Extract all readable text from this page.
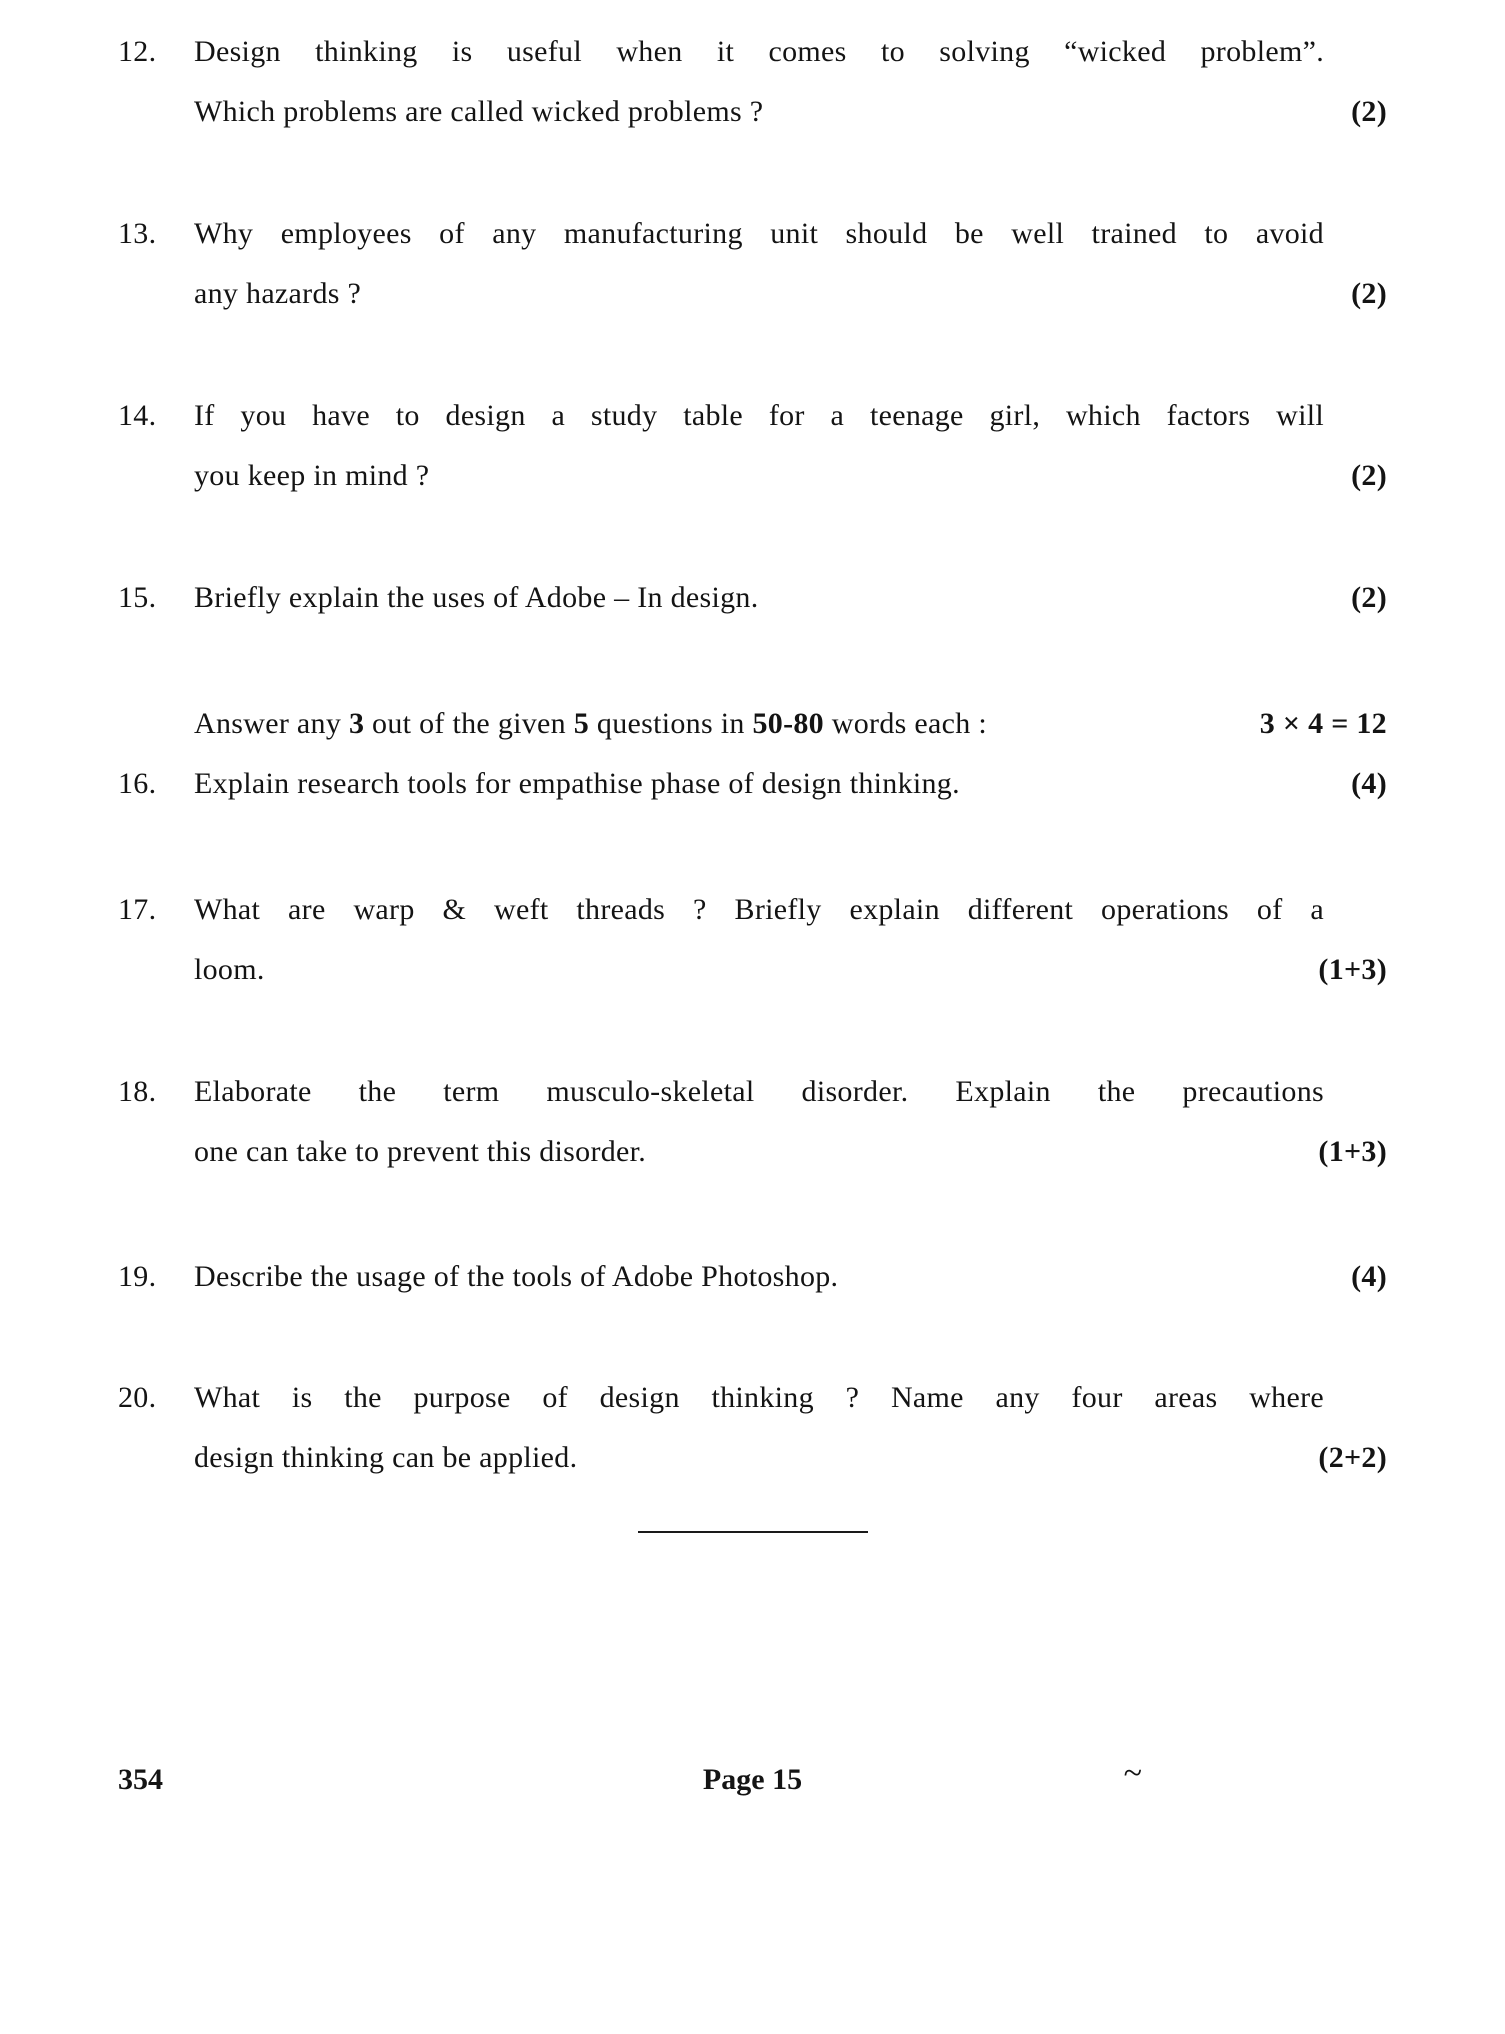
12.	Design thinking is useful when it comes to solving “wicked problem”.
Which problems are called wicked problems ?	(2)
13.	Why employees of any manufacturing unit should be well trained to avoid
any hazards ?	(2)
14.	If you have to design a study table for a teenage girl, which factors will
you keep in mind ?	(2)
15.	Briefly explain the uses of Adobe – In design.	(2)
Answer any 3 out of the given 5 questions in 50-80 words each :	3 × 4 = 12
16.	Explain research tools for empathise phase of design thinking.	(4)
17.	What are warp & weft threads ? Briefly explain different operations of a
loom.	(1+3)
18.	Elaborate the term musculo-skeletal disorder. Explain the precautions
one can take to prevent this disorder.	(1+3)
19.	Describe the usage of the tools of Adobe Photoshop.	(4)
20.	What is the purpose of design thinking ? Name any four areas where
design thinking can be applied.	(2+2)
354	Page 15	~
